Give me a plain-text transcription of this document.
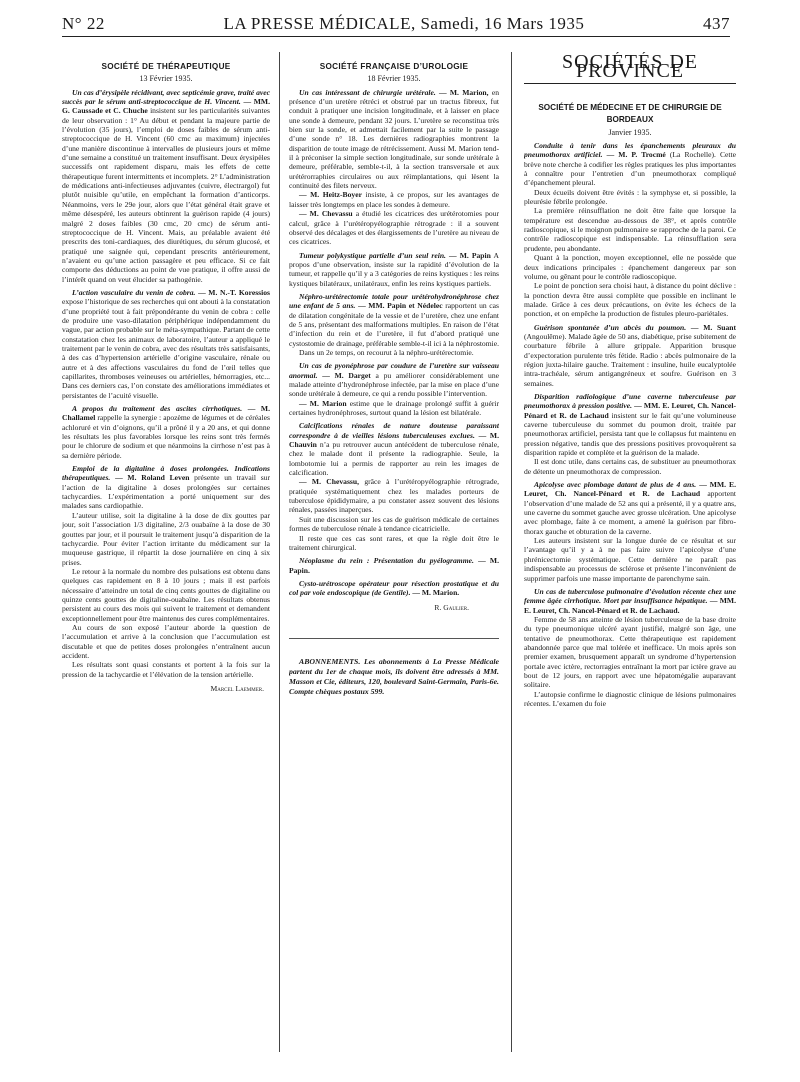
N° 22	LA PRESSE MÉDICALE, Samedi, 16 Mars 1935	437
SOCIÉTÉ DE THÉRAPEUTIQUE
13 Février 1935.

Un cas d’érysipèle récidivant, avec septicémie grave, traité avec succès par le sérum anti-streptococcique de H. Vincent. — MM. G. Caussade et C. Chuche insistent sur les particularités suivantes de leur observation : 1° Au début et pendant la majeure partie de l’évolution (35 jours), l’emploi de doses faibles de sérum anti-streptococcique de H. Vincent (60 cmc au maximum) injectées d’une manière discontinue à intervalles de plusieurs jours et même d’une semaine a constitué un traitement insuffisant. Deux érysipèles successifs ont rapidement disparu, mais les effets de cette thérapeutique furent intermittents et incomplets. 2° L’administration de médications anti-infectieuses adjuvantes (cuivre, électrargol) fut plutôt nuisible qu’utile, en empêchant la formation d’anticorps. Néanmoins, vers le 29e jour, alors que l’état général était grave et même désespéré, les auteurs obtinrent la guérison rapide (4 jours) malgré 2 doses faibles (30 cmc, 20 cmc) de sérum anti-streptococcique de H. Vincent. Mais, au préalable avaient été prescrits des toni-cardiaques, des diurétiques, du sérum glucosé, et pratiqué une saignée qui, cependant prescrits antérieurement, n’avaient eu qu’une action passagère et peu efficace. Si ce fait comporte des déductions au point de vue pratique, il offre aussi de l’intérêt quand on veut élucider sa pathogénie.

L’action vasculaire du venin de cobra. — M. N.-T. Koressios expose l’historique de ses recherches qui ont abouti à la constatation d’une propriété tout à fait prépondérante du venin de cobra : celle de produire une vaso-dilatation périphérique indépendamment du vague, par action probable sur le méta-sympathique. Partant de cette constatation chez les animaux de laboratoire, l’auteur a appliqué le traitement par le venin de cobra, avec des résultats très satisfaisants, à des cas d’hypertension artérielle d’origine vasculaire, rénale ou autre et à des affections vasculaires du fond de l’œil telles que capillarites, thromboses veineuses ou artérielles, hémorragies, etc... Dans ces derniers cas, l’on constate des améliorations immédiates et persistantes de l’acuité visuelle.

A propos du traitement des ascites cirrhotiques. — M. Challamel rappelle la synergie : apozème de légumes et de céréales achloruré et vin d’oignons, qu’il a prôné il y a 20 ans, et qui donne les résultats les plus favorables lorsque les reins sont très fermés pour le chlorure de sodium et que néanmoins la cirrhose n’est pas à sa dernière période.

Emploi de la digitaline à doses prolongées. Indications thérapeutiques. — M. Roland Leven présente un travail sur l’action de la digitaline à doses prolongées sur certaines tachycardies. L’expérimentation a porté uniquement sur des malades sans cardiopathie.

L’auteur utilise, soit la digitaline à la dose de dix gouttes par jour, soit l’association 1/3 digitaline, 2/3 ouabaïne à la dose de 30 gouttes par jour, et il poursuit le traitement jusqu’à disparition de la tachycardie. Pour éviter l’action irritante du médicament sur la muqueuse gastrique, il répartit la dose journalière en cinq à six prises.

Le retour à la normale du nombre des pulsations est obtenu dans quelques cas rapidement en 8 à 10 jours ; mais il est parfois nécessaire d’atteindre un total de cinq cents gouttes de digitaline ou quinze cents gouttes de digitaline-ouabaïne. Les résultats obtenus persistent au cours des mois qui suivent le traitement et demandent exceptionnellement pour être maintenus des cures complémentaires.

Au cours de son exposé l’auteur aborde la question de l’accumulation et arrive à la conclusion que l’accumulation est discutable et que de petites doses prolongées n’entraînent aucun accident.

Les résultats sont quasi constants et portent à la fois sur la pression de la tachycardie et l’élévation de la tension artérielle.

Marcel Laemmer.
SOCIÉTÉ FRANÇAISE D’UROLOGIE
18 Février 1935.

Un cas intéressant de chirurgie urétérale. — M. Marion, en présence d’un uretère rétréci et obstrué par un tractus fibreux, fut conduit à pratiquer une incision longitudinale, et à laisser en place une sonde à demeure, pendant 32 jours. L’uretère se reconstitua très bien sur la sonde, et admettait facilement par la suite le passage d’une sonde n° 18. Les dernières radiographies montrent la disparition de toute image de rétrécissement. Aussi M. Marion tend-il à préconiser la simple section longitudinale, sur sonde urétérale à demeure, préférable, semble-t-il, à la section transversale et aux urétérorraphies circulaires ou aux réimplantations, qui lèsent la continuité des filets nerveux.

— M. Heitz-Boyer insiste, à ce propos, sur les avantages de laisser très longtemps en place les sondes à demeure.

— M. Chevassu a étudié les cicatrices des urétérotomies pour calcul, grâce à l’urétéropyélographie rétrograde : il a souvent observé des décalages et des élargissements de l’uretère au niveau de ces cicatrices.

Tumeur polykystique partielle d’un seul rein. — M. Papin A propos d’une observation, insiste sur la rapidité d’évolution de la tumeur, et rappelle qu’il y a 3 catégories de reins kystiques : les reins kystiques bilatéraux, unilatéraux, enfin les reins kystiques partiels.

Néphro-urétérectomie totale pour urétérohydronéphrose chez une enfant de 5 ans. — MM. Papin et Nédelec rapportent un cas de dilatation congénitale de la vessie et de l’uretère, chez une enfant de 5 ans, présentant des malformations multiples. En raison de l’état d’infection du rein et de l’uretère, il fut d’abord pratiqué une cystostomie de drainage, préférable semble-t-il ici à la néphrostomie.

Dans un 2e temps, on recourut à la néphro-urétérectomie.

Un cas de pyonéphrose par coudure de l’uretère sur vaisseau anormal. — M. Darget a pu améliorer considérablement une malade atteinte d’hydronéphrose infectée, par la mise en place d’une sonde urétérale à demeure, ce qui a rendu possible l’intervention.

— M. Marion estime que le drainage prolongé suffit à guérir certaines hydronéphroses, surtout quand la lésion est bilatérale.

Calcifications rénales de nature douteuse paraissant correspondre à de vieilles lésions tuberculeuses exclues. — M. Chauvin n’a pu retrouver aucun antécédent de tuberculose rénale, chez le malade dont il présente la radiographie. Seule, la lombotomie lui a permis de rapporter au rein les images de calcification.

— M. Chevassu, grâce à l’urétéropyélographie rétrograde, pratiquée systématiquement chez les malades porteurs de tuberculose épididymaire, a pu constater assez souvent des lésions rénales, passées inaperçues.

Suit une discussion sur les cas de guérison médicale de certaines formes de tuberculose rénale à tendance cicatricielle.

Il reste que ces cas sont rares, et que la règle doit être le traitement chirurgical.

Néoplasme du rein : Présentation du pyélogramme. — M. Papin.

Cysto-urétroscope opérateur pour résection prostatique et du col par voie endoscopique (de Gentile). — M. Marion.

R. Gaulier.

ABONNEMENTS. Les abonnements à La Presse Médicale partent du 1er de chaque mois, ils doivent être adressés à MM. Masson et Cie, éditeurs, 120, boulevard Saint-Germain, Paris-6e. Compte chèques postaux 599.

SOCIÉTÉS DE PROVINCE
SOCIÉTÉ DE MÉDECINE ET DE CHIRURGIE DE BORDEAUX
Janvier 1935.

Conduite à tenir dans les épanchements pleuraux du pneumothorax artificiel. — M. P. Trocmé (La Rochelle). Cette brève note cherche à codifier les règles pratiques les plus importantes à connaître pour l’entretien d’un pneumothorax compliqué d’épanchement pleural.

Deux écueils doivent être évités : la symphyse et, si possible, la pleurésie fébrile prolongée.

La première réinsufflation ne doit être faite que lorsque la température est descendue au-dessous de 38°, et après contrôle radioscopique, si le moignon pulmonaire se rapproche de la paroi. Ce contrôle radioscopique est indispensable. La réinsufflation sera prudente, peu abondante.

Quant à la ponction, moyen exceptionnel, elle ne possède que deux indications principales : épanchement dangereux par son volume, ou gênant pour le contrôle radioscopique.

Le point de ponction sera choisi haut, à distance du point déclive : la ponction devra être aussi complète que possible en inclinant le malade. Grâce à ces deux précautions, on évite les échecs de la ponction, et on empêche la production de fistules pleuro-pariétales.

Guérison spontanée d’un abcès du poumon. — M. Suant (Angoulême). Malade âgée de 50 ans, diabétique, prise subitement de courbature fébrile à allure grippale. Apparition brusque d’expectoration purulente très fétide. Radio : abcès pulmonaire de la région juxta-hilaire gauche. Traitement : insuline, huile eucalyptolée intra-trachéale, sérum antigangréneux et soufre. Guérison en 3 semaines.

Disparition radiologique d’une caverne tuberculeuse par pneumothorax à pression positive. — MM. E. Leuret, Ch. Nancel-Pénard et R. de Lachaud insistent sur le fait qu’une volumineuse caverne tuberculeuse du sommet du poumon droit, traitée par pneumothorax artificiel, persista tant que le collapsus fut maintenu en pression négative, tandis que des pressions positives provoquèrent sa disparition rapide et complète et la guérison de la malade.

Il est donc utile, dans certains cas, de substituer au pneumothorax de détente un pneumothorax de compression.

Apicolyse avec plombage datant de plus de 4 ans. — MM. E. Leuret, Ch. Nancel-Pénard et R. de Lachaud apportent l’observation d’une malade de 52 ans qui a présenté, il y a quatre ans, une caverne du sommet gauche avec grosse ulcération. Une apicolyse avec plombage, faite à ce moment, a amené la guérison par fibro-thorax gauche et obturation de la caverne.

Les auteurs insistent sur la longue durée de ce résultat et sur l’avantage qu’il y a à ne pas faire suivre l’apicolyse d’une phrénicectomie systématique. Cette dernière ne paraît pas indispensable au processus de sclérose et présente l’inconvénient de supprimer parfois une masse importante de parenchyme sain.

Un cas de tuberculose pulmonaire d’évolution récente chez une femme âgée cirrhotique. Mort par insuffisance hépatique. — MM. E. Leuret, Ch. Nancel-Pénard et R. de Lachaud.

Femme de 58 ans atteinte de lésion tuberculeuse de la base droite du type pneumonique ulcéré ayant justifié, malgré son âge, une tentative de pneumothorax. Cette thérapeutique est rapidement abandonnée parce que mal tolérée et inefficace. Un mois après son premier examen, brusquement apparaît un syndrome d’hypertension portale avec ictère, rectorragies entraînant la mort par ictère grave au bout de 12 jours, en rapport avec une hépatomégalie auparavant solitaire.

L’autopsie confirme le diagnostic clinique de lésions pulmonaires récentes. L’examen du foie
